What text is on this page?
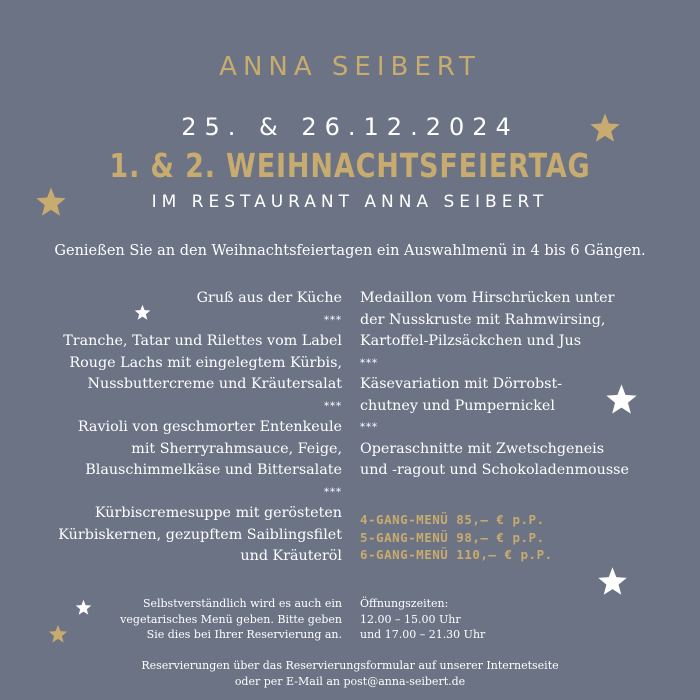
ANNA SEIBERT
25. & 26.12.2024
1. & 2. WEIHNACHTSFEIERTAG
IM RESTAURANT ANNA SEIBERT
Genießen Sie an den Weihnachtsfeiertagen ein Auswahlmenü in 4 bis 6 Gängen.
Gruß aus der Küche
***
Tranche, Tatar und Rilettes vom Label
Rouge Lachs mit eingelegtem Kürbis,
Nussbuttercreme und Kräutersalat
***
Ravioli von geschmorter Entenkeule
mit Sherryrahmsauce, Feige,
Blauschimmelkäse und Bittersalate
***
Kürbiscremesuppe mit gerösteten
Kürbiskernen, gezupftem Saiblingsfilet
und Kräuteröl
Medaillon vom Hirschrücken unter
der Nusskruste mit Rahmwirsing,
Kartoffel-Pilzsäckchen und Jus
***
Käsevariation mit Dörrobst-
chutney und Pumpernickel
***
Operaschnitte mit Zwetschgeneis
und -ragout und Schokoladenmousse
4-GANG-MENÜ 85,— € p.P.
5-GANG-MENÜ 98,— € p.P.
6-GANG-MENÜ 110,— € p.P.
Selbstverständlich wird es auch ein
vegetarisches Menü geben. Bitte geben
Sie dies bei Ihrer Reservierung an.
Öffnungszeiten:
12.00 – 15.00 Uhr
und 17.00 – 21.30 Uhr
Reservierungen über das Reservierungsformular auf unserer Internetseite
oder per E-Mail an post@anna-seibert.de
